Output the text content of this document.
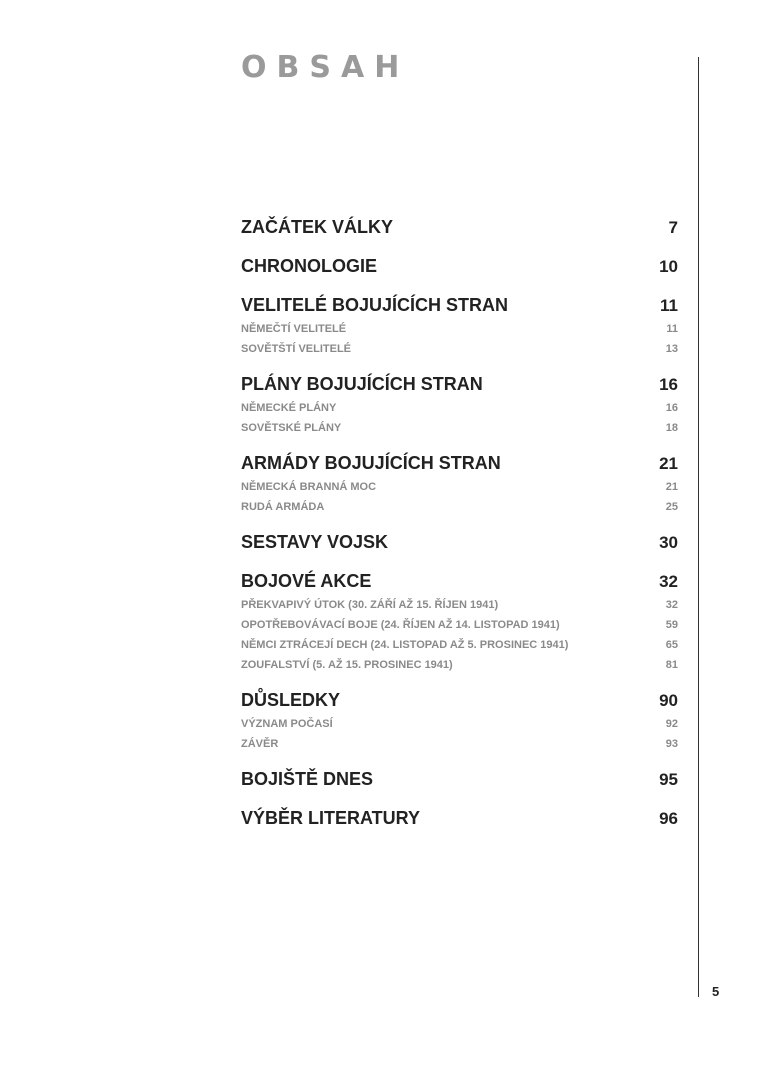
OBSAH
5
ZAČÁTEK VÁLKY	7
CHRONOLOGIE	10
VELITELÉ BOJUJÍCÍCH STRAN	11
NĚMEČTÍ VELITELÉ	11
SOVĚTŠTÍ VELITELÉ	13
PLÁNY BOJUJÍCÍCH STRAN	16
NĚMECKÉ PLÁNY	16
SOVĚTSKÉ PLÁNY	18
ARMÁDY BOJUJÍCÍCH STRAN	21
NĚMECKÁ BRANNÁ MOC	21
RUDÁ ARMÁDA	25
SESTAVY VOJSK	30
BOJOVÉ AKCE	32
PŘEKVAPIVÝ ÚTOK (30. ZÁŘÍ AŽ 15. ŘÍJEN 1941)	32
OPOTŘEBOVÁVACÍ BOJE (24. ŘÍJEN AŽ 14. LISTOPAD 1941)	59
NĚMCI ZTRÁCEJÍ DECH (24. LISTOPAD AŽ 5. PROSINEC 1941)	65
ZOUFALSTVÍ (5. AŽ 15. PROSINEC 1941)	81
DŮSLEDKY	90
VÝZNAM POČASÍ	92
ZÁVĚR	93
BOJIŠTĚ DNES	95
VÝBĚR LITERATURY	96
